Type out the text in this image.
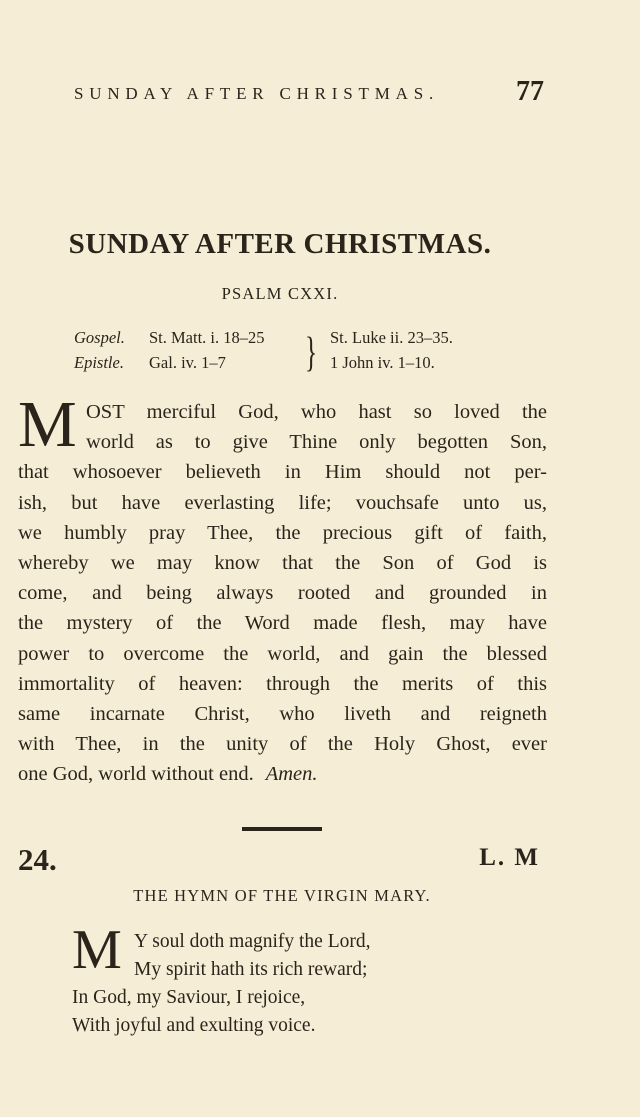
SUNDAY AFTER CHRISTMAS.	77
SUNDAY AFTER CHRISTMAS.
PSALM CXXI.
Gospel. St. Matt. i. 18–25	St. Luke ii. 23–35.
Epistle. Gal. iv. 1–7	1 John iv. 1–10.
}
M OST merciful God, who hast so loved the
world as to give Thine only begotten Son,
that whosoever believeth in Him should not per-
ish, but have everlasting life; vouchsafe unto us,
we humbly pray Thee, the precious gift of faith,
whereby we may know that the Son of God is
come, and being always rooted and grounded in
the mystery of the Word made flesh, may have
power to overcome the world, and gain the blessed
immortality of heaven: through the merits of this
same incarnate Christ, who liveth and reigneth
with Thee, in the unity of the Holy Ghost, ever
one God, world without end. Amen.
24.	L. M
THE HYMN OF THE VIRGIN MARY.
M Y soul doth magnify the Lord,
My spirit hath its rich reward;
In God, my Saviour, I rejoice,
With joyful and exulting voice.
